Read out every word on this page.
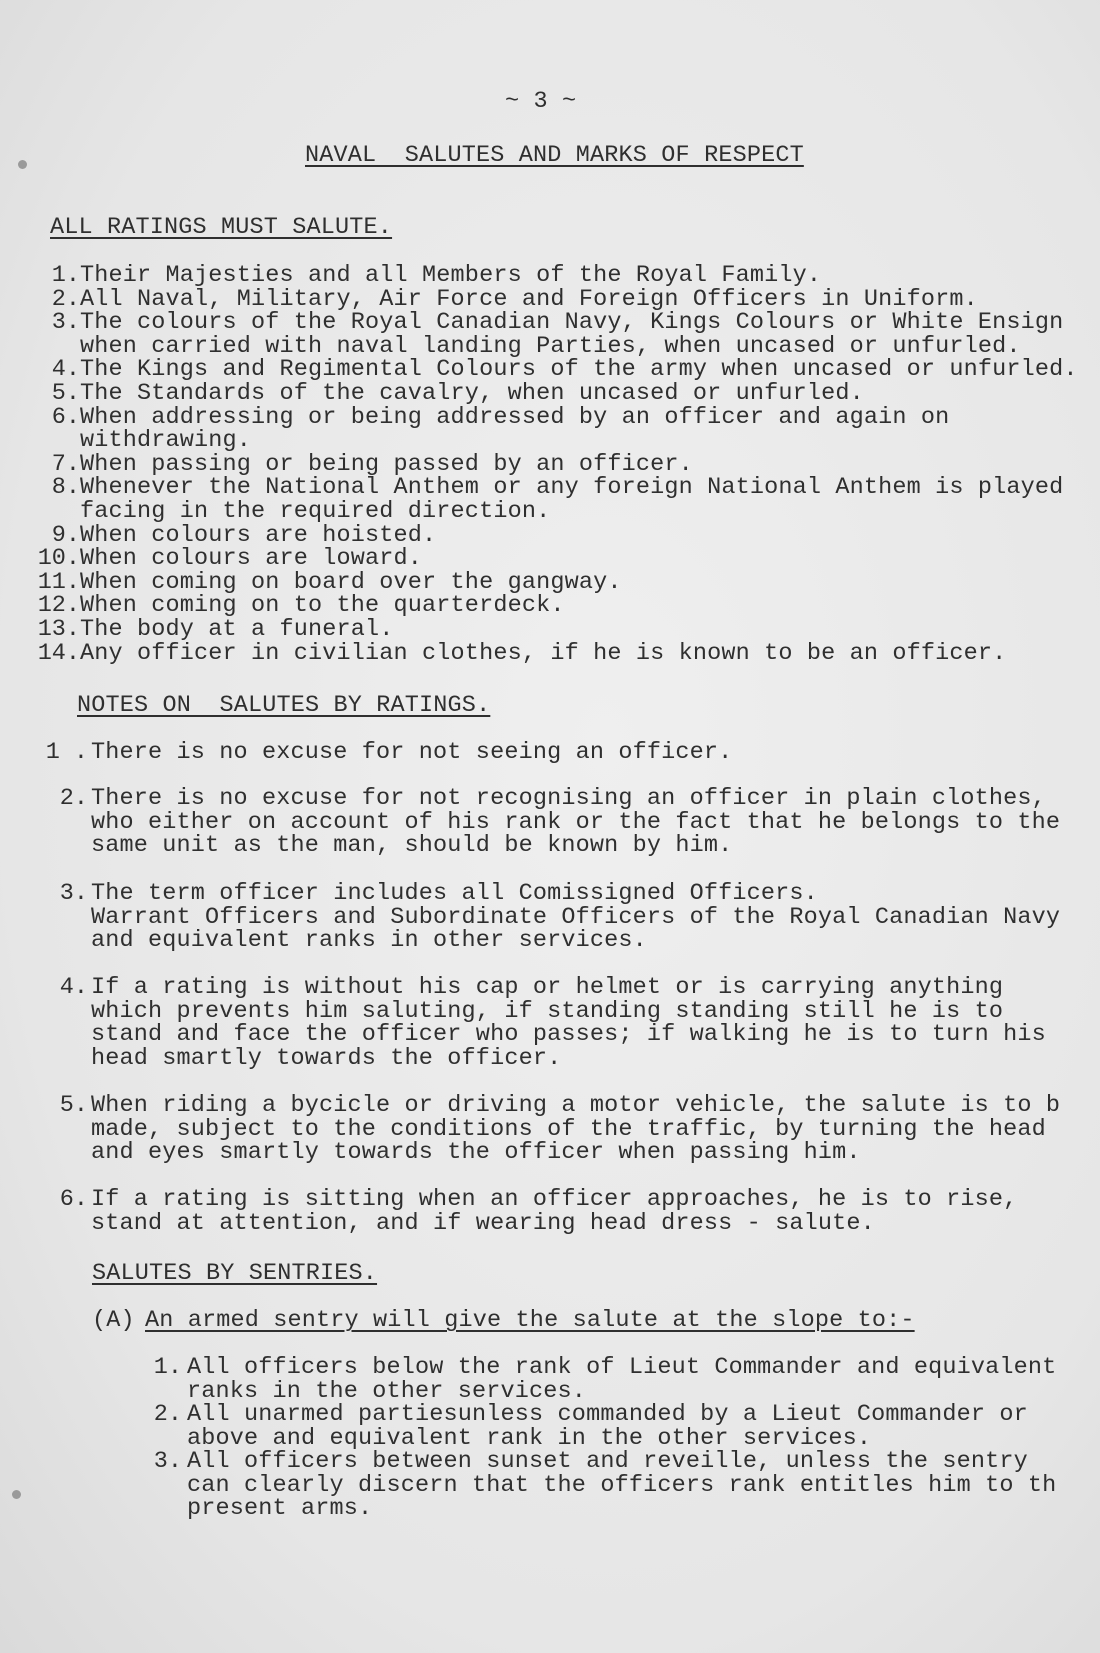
~ 3 ~
NAVAL  SALUTES AND MARKS OF RESPECT
ALL RATINGS MUST SALUTE.
1. Their Majesties and all Members of the Royal Family.
2. All Naval, Military, Air Force and Foreign Officers in Uniform.
3. The colours of the Royal Canadian Navy, Kings Colours or White Ensign
when carried with naval landing Parties, when uncased or unfurled.
4. The Kings and Regimental Colours of the army when uncased or unfurled.
5. The Standards of the cavalry, when uncased or unfurled.
6. When addressing or being addressed by an officer and again on
withdrawing.
7. When passing or being passed by an officer.
8. Whenever the National Anthem or any foreign National Anthem is played
facing in the required direction.
9. When colours are hoisted.
10. When colours are loward.
11. When coming on board over the gangway.
12. When coming on to the quarterdeck.
13. The body at a funeral.
14. Any officer in civilian clothes, if he is known to be an officer.
NOTES ON  SALUTES BY RATINGS.
1 . There is no excuse for not seeing an officer.
2. There is no excuse for not recognising an officer in plain clothes,
who either on account of his rank or the fact that he belongs to the
same unit as the man, should be known by him.
3. The term officer includes all Comissigned Officers.
Warrant Officers and Subordinate Officers of the Royal Canadian Navy
and equivalent ranks in other services.
4. If a rating is without his cap or helmet or is carrying anything
which prevents him saluting, if standing standing still he is to
stand and face the officer who passes; if walking he is to turn his
head smartly towards the officer.
5. When riding a bycicle or driving a motor vehicle, the salute is to b
made, subject to the conditions of the traffic, by turning the head
and eyes smartly towards the officer when passing him.
6. If a rating is sitting when an officer approaches, he is to rise,
stand at attention, and if wearing head dress - salute.
SALUTES BY SENTRIES.
(A) An armed sentry will give the salute at the slope to:-
1. All officers below the rank of Lieut Commander and equivalent
ranks in the other services.
2. All unarmed partiesunless commanded by a Lieut Commander or
above and equivalent rank in the other services.
3. All officers between sunset and reveille, unless the sentry
can clearly discern that the officers rank entitles him to th
present arms.
